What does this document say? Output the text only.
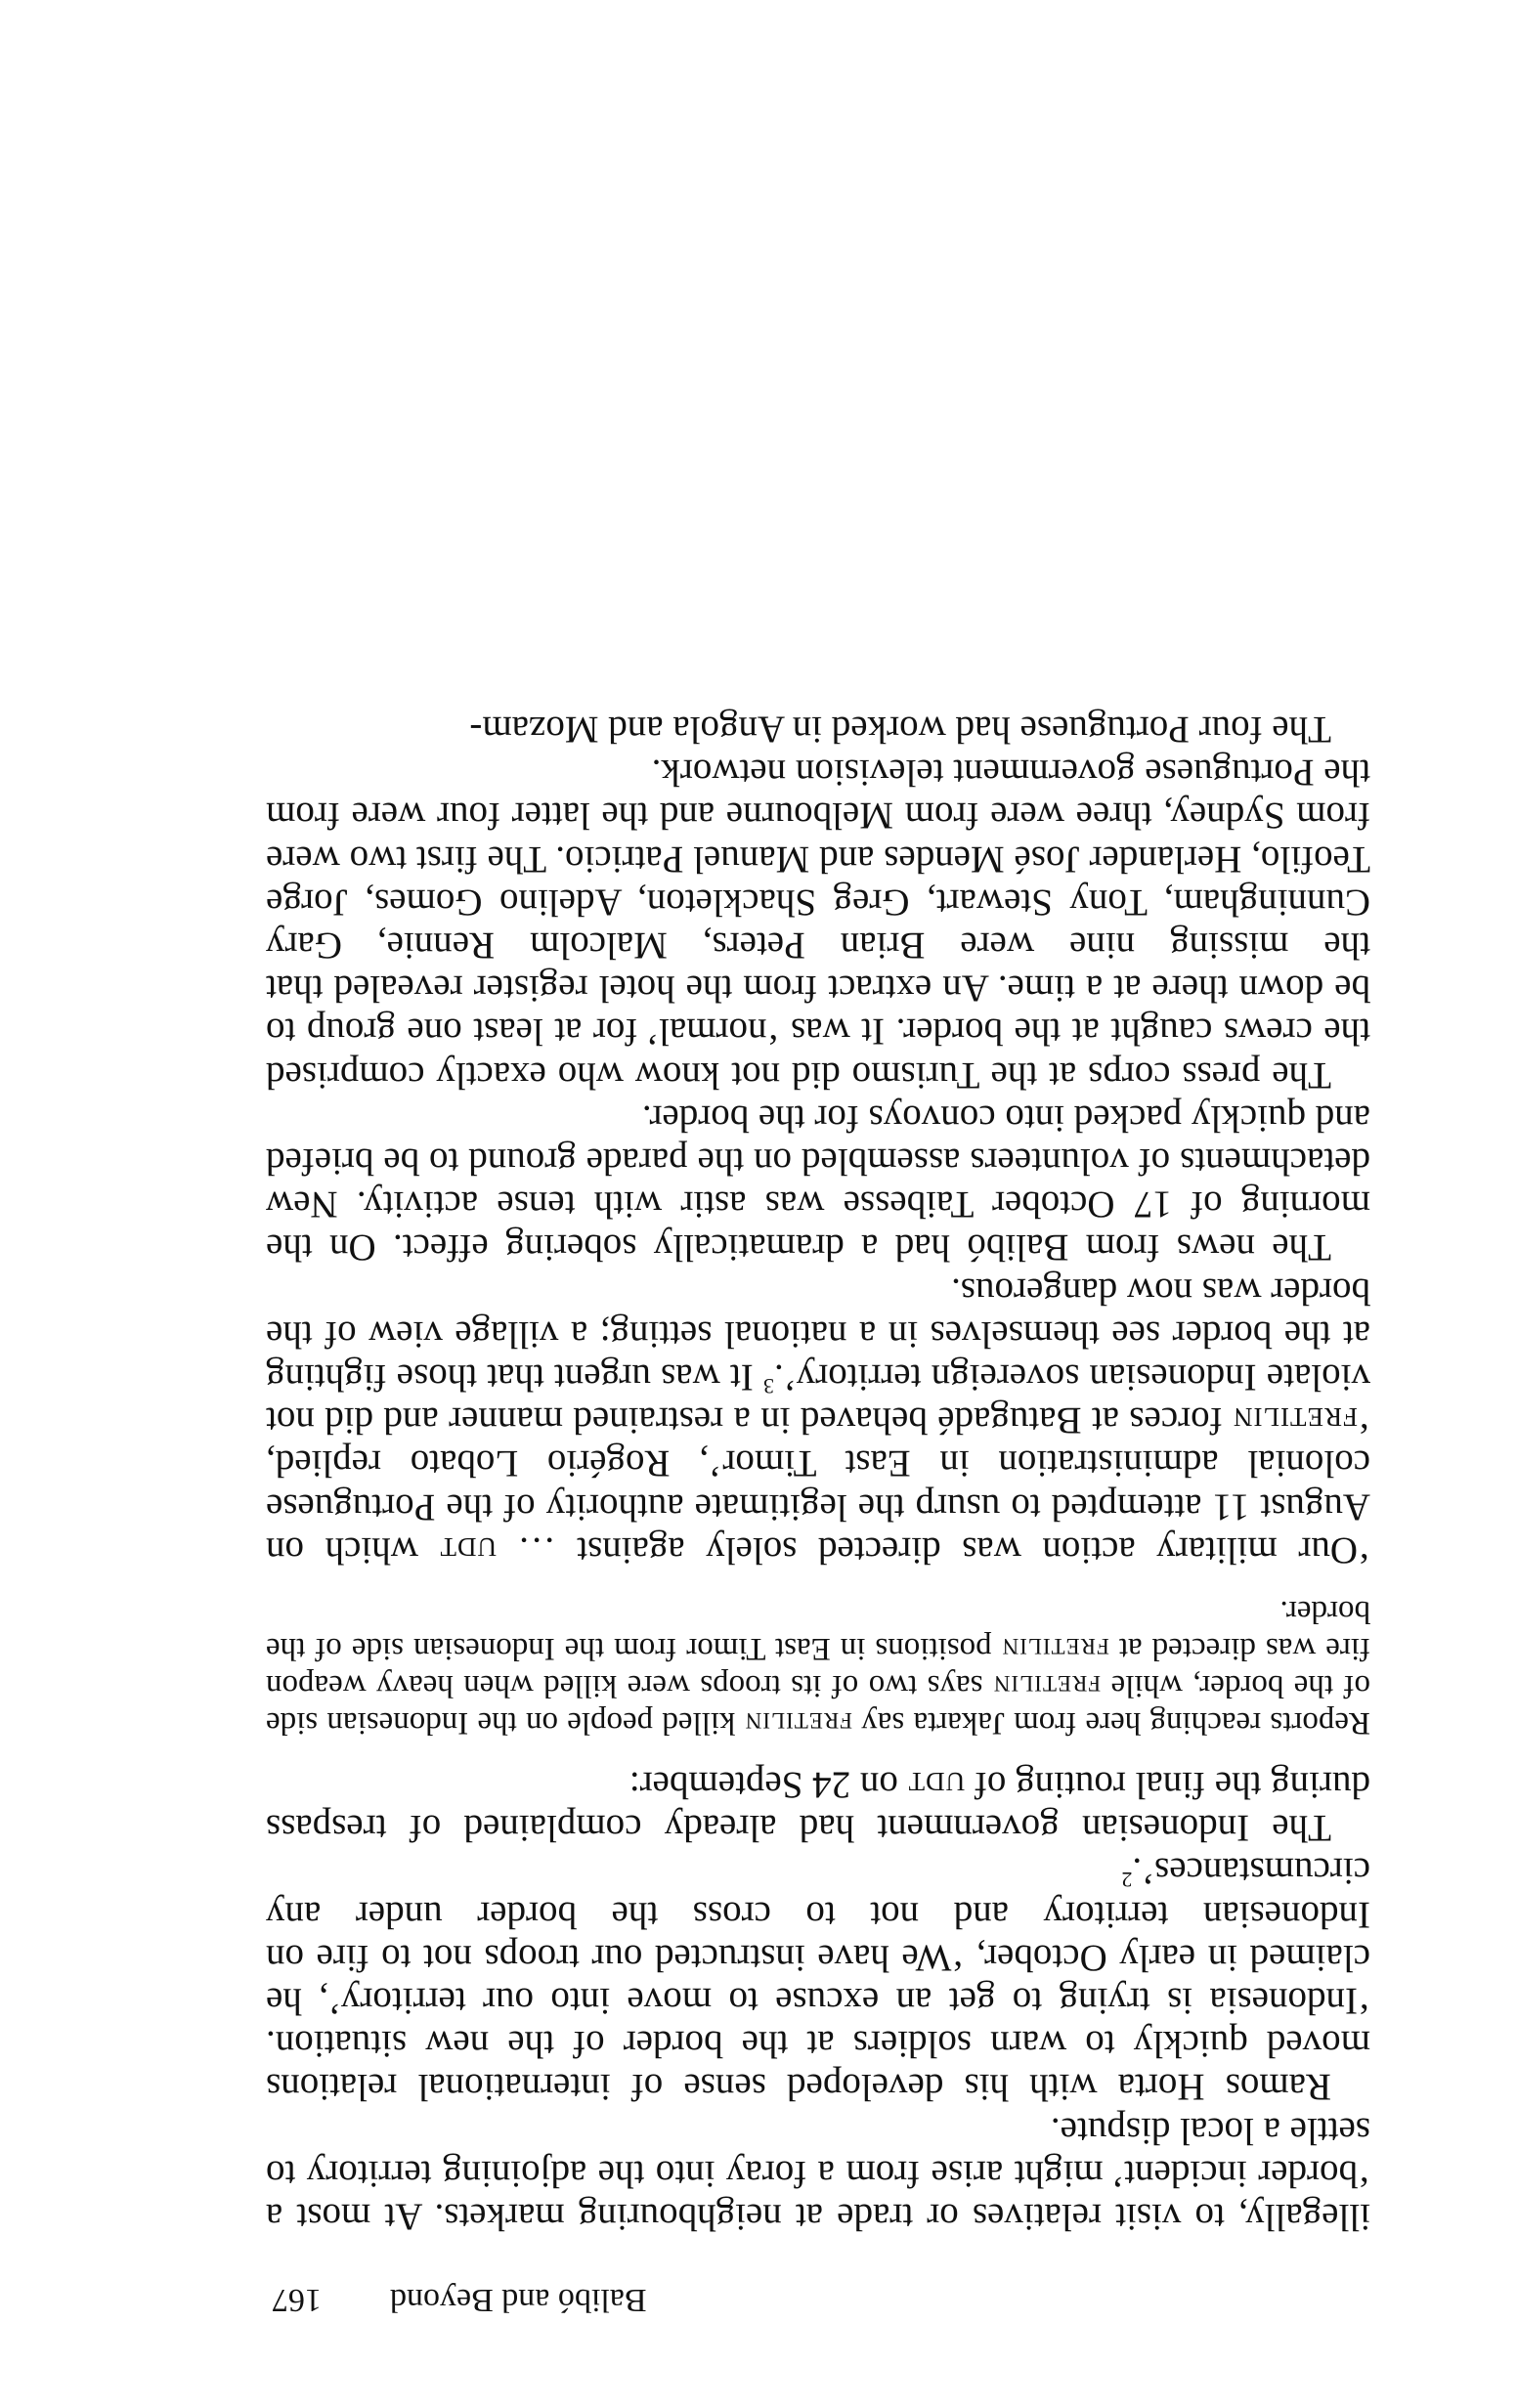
Balibó and Beyond
167

illegally, to visit relatives or trade at neighbouring markets. At most a ‘border incident’ might arise from a foray into the adjoining territory to settle a local dispute.

Ramos Horta with his developed sense of international relations moved quickly to warn soldiers at the border of the new situation. ‘Indonesia is trying to get an excuse to move into our territory’, he claimed in early October, ‘We have instructed our troops not to fire on Indonesian territory and not to cross the border under any circumstances’.$^2$

The Indonesian government had already complained of trespass during the final routing of udt on 24 September:

Reports reaching here from Jakarta say fretilin killed people on the Indonesian side of the border, while fretilin says two of its troops were killed when heavy weapon fire was directed at fretilin positions in East Timor from the Indonesian side of the border.

‘Our military action was directed solely against … udt which on August 11 attempted to usurp the legitimate authority of the Portuguese colonial administration in East Timor’, Rogério Lobato replied, ‘fretilin forces at Batugadé behaved in a restrained manner and did not violate Indonesian sovereign territory’.$^3$ It was urgent that those fighting at the border see themselves in a national setting; a village view of the border was now dangerous.

The news from Balibó had a dramatically sobering effect. On the morning of 17 October Taibesse was astir with tense activity. New detachments of volunteers assembled on the parade ground to be briefed and quickly packed into convoys for the border.

The press corps at the Turismo did not know who exactly comprised the crews caught at the border. It was ‘normal’ for at least one group to be down there at a time. An extract from the hotel register revealed that the missing nine were Brian Peters, Malcolm Rennie, Gary Cunningham, Tony Stewart, Greg Shackleton, Adelino Gomes, Jorge Teofilo, Herlander José Mendes and Manuel Patricio. The first two were from Sydney, three were from Melbourne and the latter four were from the Portuguese government television network.

The four Portuguese had worked in Angola and Mozam-
